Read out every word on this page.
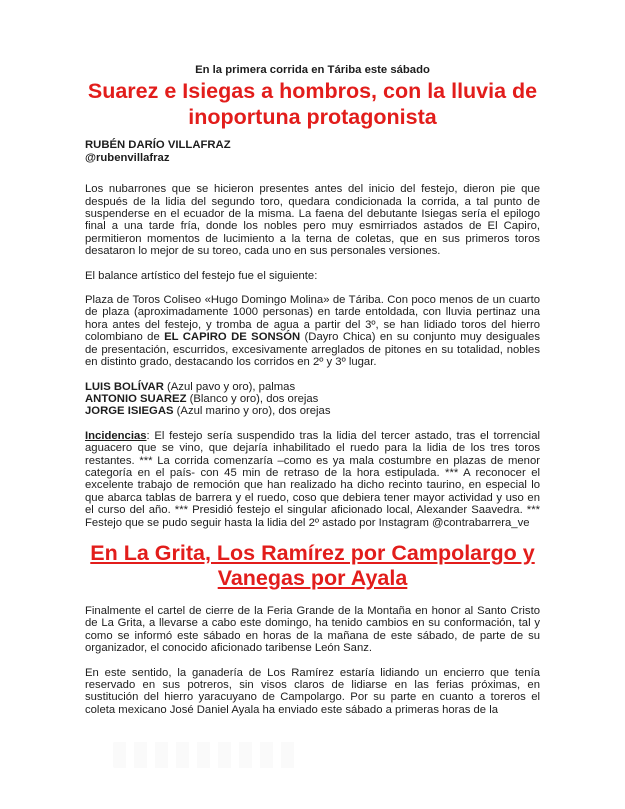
En la primera corrida en Táriba este sábado

Suarez e Isiegas a hombros, con la lluvia de inoportuna protagonista

RUBÉN DARÍO VILLAFRAZ

@rubenvillafraz

Los nubarrones que se hicieron presentes antes del inicio del festejo, dieron pie que después de la lidia del segundo toro, quedara condicionada la corrida, a tal punto de suspenderse en el ecuador de la misma. La faena del debutante Isiegas sería el epilogo final a una tarde fría, donde los nobles pero muy esmirriados astados de El Capiro, permitieron momentos de lucimiento a la terna de coletas, que en sus primeros toros desataron lo mejor de su toreo, cada uno en sus personales versiones.

El balance artístico del festejo fue el siguiente:

Plaza de Toros Coliseo «Hugo Domingo Molina» de Táriba. Con poco menos de un cuarto de plaza (aproximadamente 1000 personas) en tarde entoldada, con lluvia pertinaz una hora antes del festejo, y tromba de agua a partir del 3º, se han lidiado toros del hierro colombiano de EL CAPIRO DE SONSÓN (Dayro Chica) en su conjunto muy desiguales de presentación, escurridos, excesivamente arreglados de pitones en su totalidad, nobles en distinto grado, destacando los corridos en 2º y 3º lugar.

LUIS BOLÍVAR (Azul pavo y oro), palmas

ANTONIO SUAREZ (Blanco y oro), dos orejas

JORGE ISIEGAS (Azul marino y oro), dos orejas

Incidencias: El festejo sería suspendido tras la lidia del tercer astado, tras el torrencial aguacero que se vino, que dejaría inhabilitado el ruedo para la lidia de los tres toros restantes. *** La corrida comenzaría –como es ya mala costumbre en plazas de menor categoría en el país- con 45 min de retraso de la hora estipulada. *** A reconocer el excelente trabajo de remoción que han realizado ha dicho recinto taurino, en especial lo que abarca tablas de barrera y el ruedo, coso que debiera tener mayor actividad y uso en el curso del año. *** Presidió festejo el singular aficionado local, Alexander Saavedra. *** Festejo que se pudo seguir hasta la lidia del 2º astado por Instagram @contrabarrera_ve

En La Grita, Los Ramírez por Campolargo y Vanegas por Ayala

Finalmente el cartel de cierre de la Feria Grande de la Montaña en honor al Santo Cristo de La Grita, a llevarse a cabo este domingo, ha tenido cambios en su conformación, tal y como se informó este sábado en horas de la mañana de este sábado, de parte de su organizador, el conocido aficionado taribense León Sanz.

En este sentido, la ganadería de Los Ramírez estaría lidiando un encierro que tenía reservado en sus potreros, sin visos claros de lidiarse en las ferias próximas, en sustitución del hierro yaracuyano de Campolargo. Por su parte en cuanto a toreros el coleta mexicano José Daniel Ayala ha enviado este sábado a primeras horas de la
